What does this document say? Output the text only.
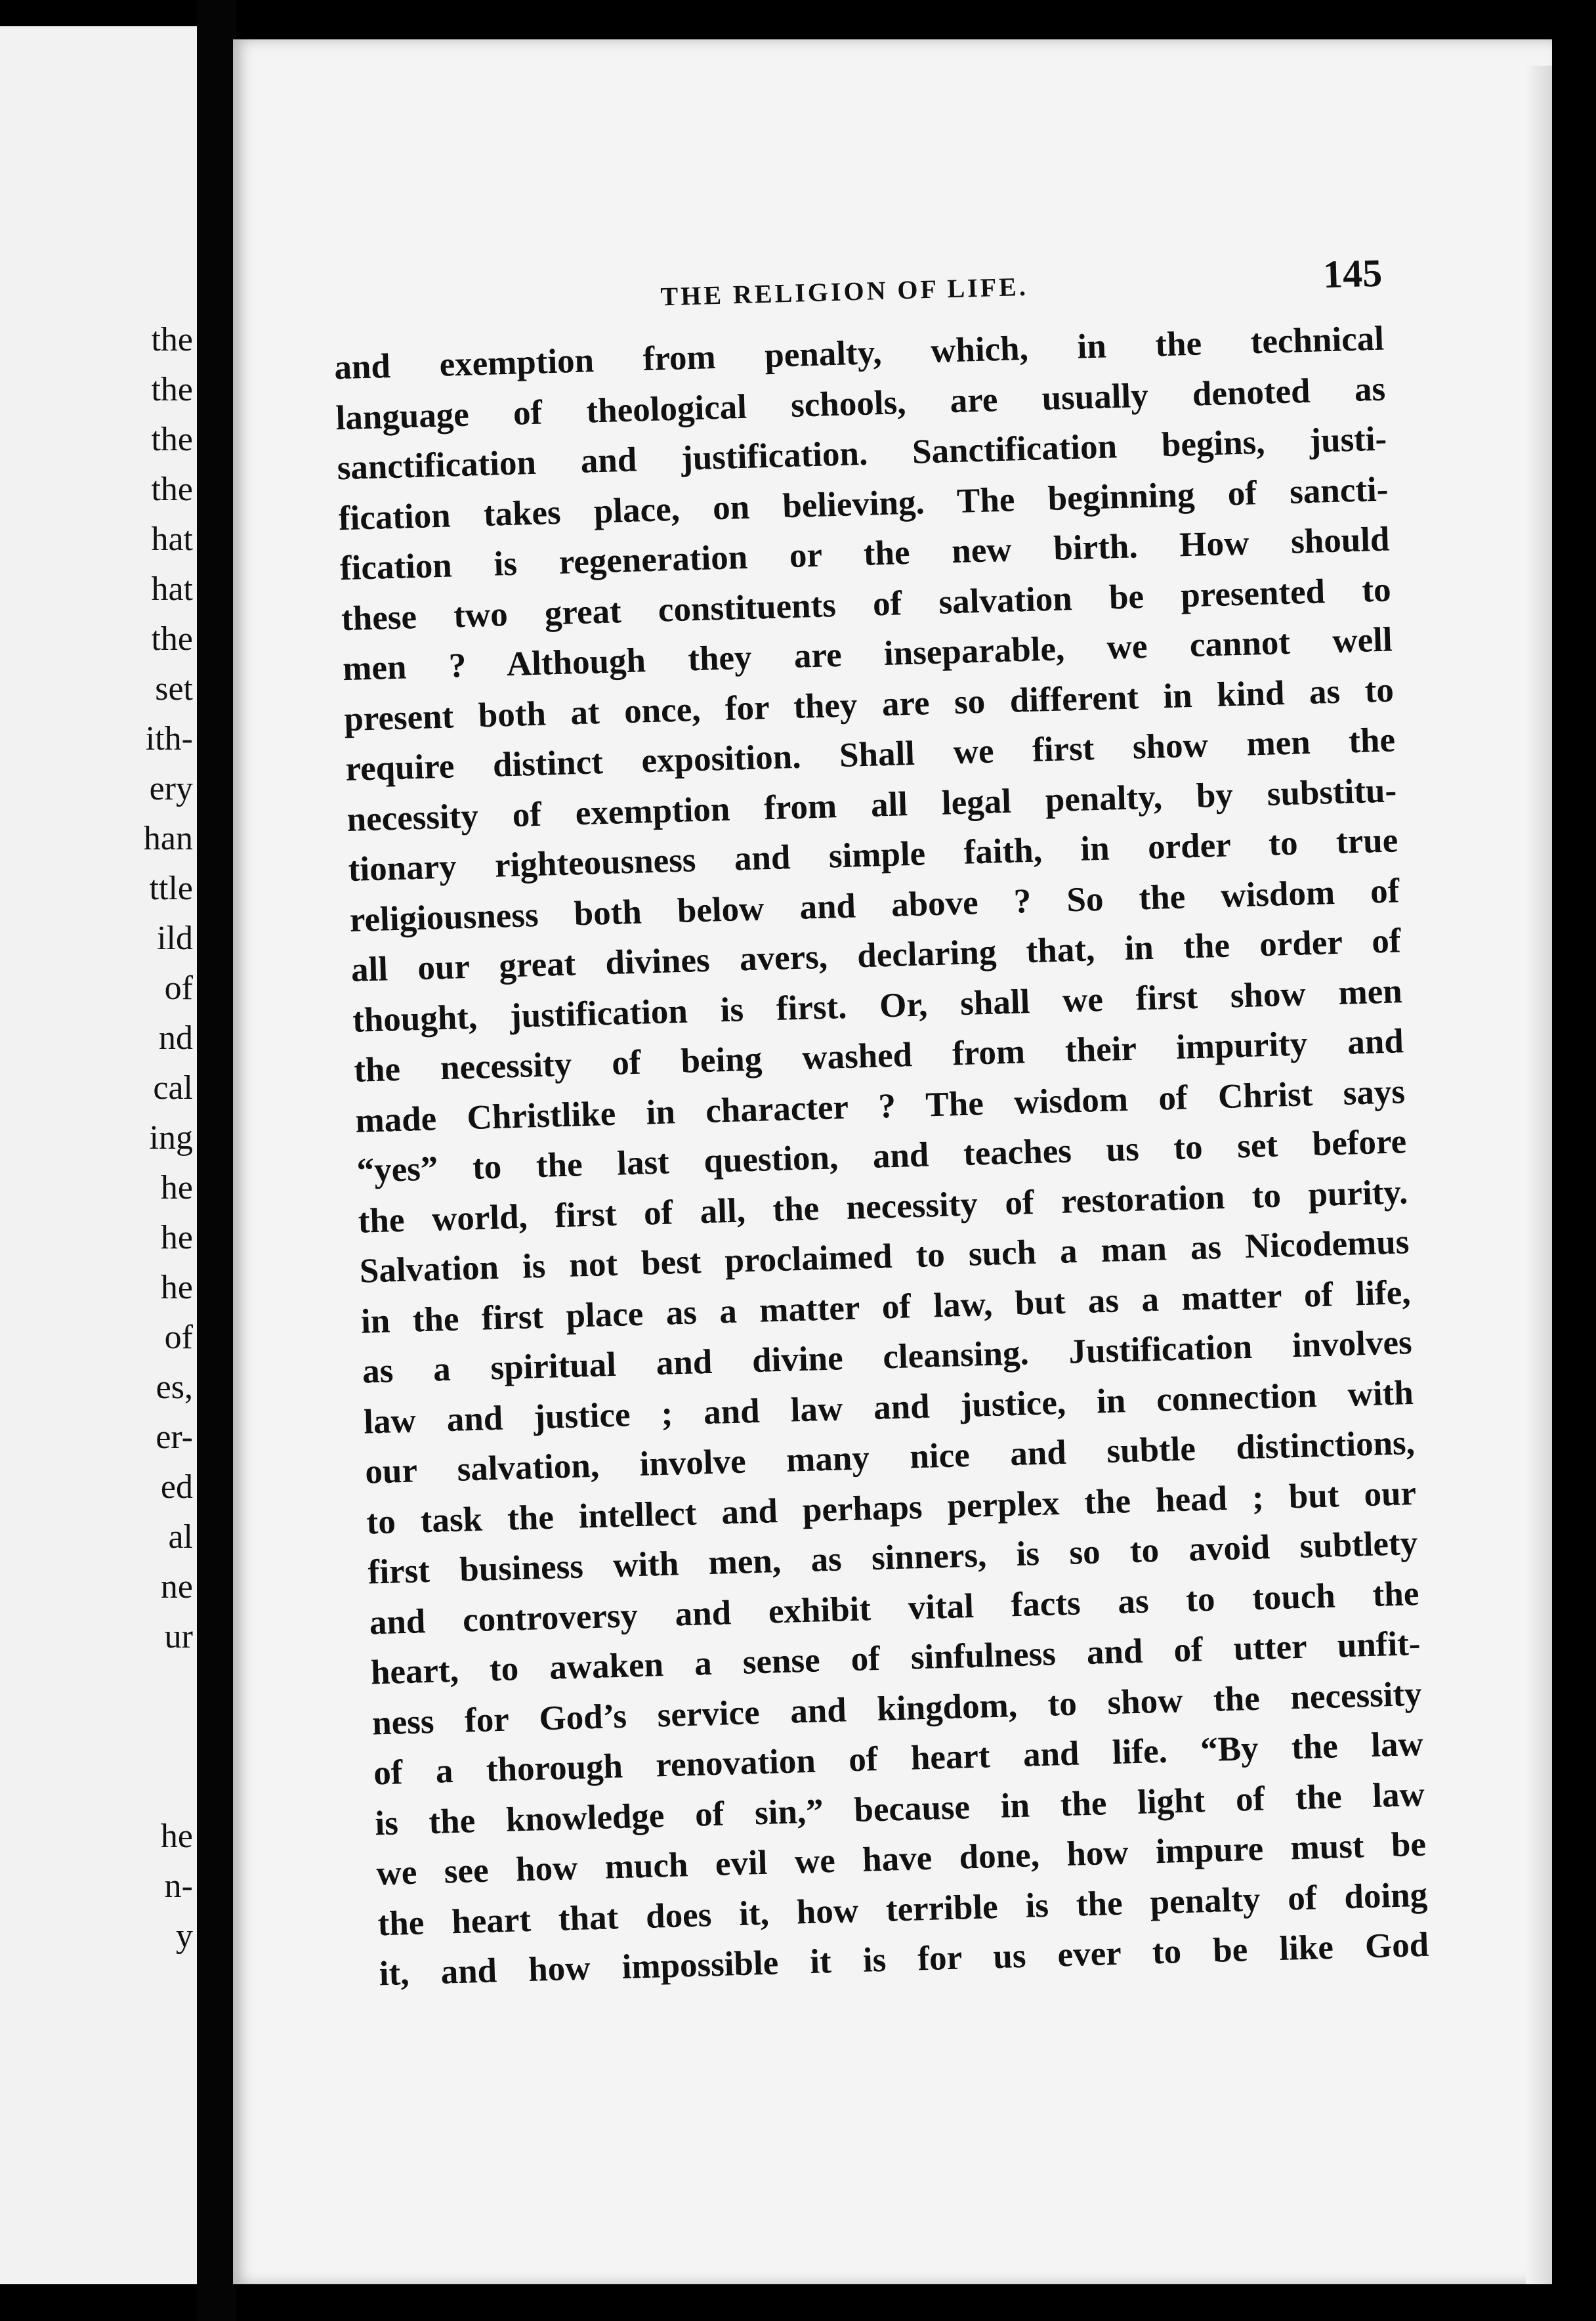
the
the
the
the
hat
hat
the
set
ith-
ery
han
ttle
ild
of
nd
cal
ing
he
he
he
of
es,
er-
ed
al
ne
ur
he
n-
y
THE RELIGION OF LIFE.	145
and exemption from penalty, which, in the technical
language of theological schools, are usually denoted as
sanctification and justification. Sanctification begins, justi-
fication takes place, on believing. The beginning of sancti-
fication is regeneration or the new birth. How should
these two great constituents of salvation be presented to
men ? Although they are inseparable, we cannot well
present both at once, for they are so different in kind as to
require distinct exposition. Shall we first show men the
necessity of exemption from all legal penalty, by substitu-
tionary righteousness and simple faith, in order to true
religiousness both below and above ? So the wisdom of
all our great divines avers, declaring that, in the order of
thought, justification is first. Or, shall we first show men
the necessity of being washed from their impurity and
made Christlike in character ? The wisdom of Christ says
“yes” to the last question, and teaches us to set before
the world, first of all, the necessity of restoration to purity.
Salvation is not best proclaimed to such a man as Nicodemus
in the first place as a matter of law, but as a matter of life,
as a spiritual and divine cleansing. Justification involves
law and justice ; and law and justice, in connection with
our salvation, involve many nice and subtle distinctions,
to task the intellect and perhaps perplex the head ; but our
first business with men, as sinners, is so to avoid subtlety
and controversy and exhibit vital facts as to touch the
heart, to awaken a sense of sinfulness and of utter unfit-
ness for God’s service and kingdom, to show the necessity
of a thorough renovation of heart and life. “By the law
is the knowledge of sin,” because in the light of the law
we see how much evil we have done, how impure must be
the heart that does it, how terrible is the penalty of doing
it, and how impossible it is for us ever to be like God
